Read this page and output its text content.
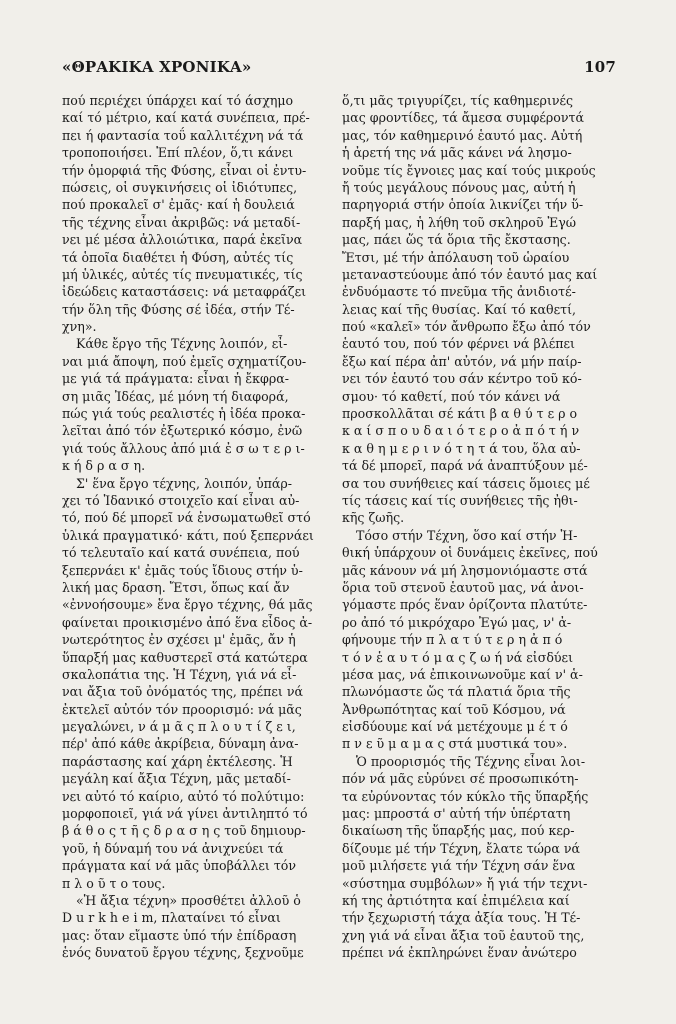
«ΘΡΑΚΙΚΑ ΧΡΟΝΙΚΑ»	107
πού περιέχει ύπάρχει καί τό άσχημο
καί τό μέτριο, καί κατά συνέπεια, πρέ-
πει ή φαντασία τοΰ καλλιτέχνη νά τά
τροποποιήσει. Ἐπί πλέον, ὅ,τι κάνει
τήν ὁμορφιά τῆς Φύσης, εἶναι οἱ ἐντυ-
πώσεις, οἱ συγκινήσεις οἱ ἰδιότυπες,
πού προκαλεῖ σ' ἐμᾶς· καί ἡ δουλειά
τῆς τέχνης εἶναι ἀκριβῶς: νά μεταδί-
νει μέ μέσα ἀλλοιώτικα, παρά ἐκεῖνα
τά ὁποῖα διαθέτει ἡ Φύση, αὐτές τίς
μή ὑλικές, αὐτές τίς πνευματικές, τίς
ἰδεώδεις καταστάσεις: νά μεταφράζει
τήν ὅλη τῆς Φύσης σέ ἰδέα, στήν Τέ-
χνη».
Κάθε ἔργο τῆς Τέχνης λοιπόν, εἶ-
ναι μιά ἄποψη, πού ἐμεῖς σχηματίζου-
με γιά τά πράγματα: εἶναι ἡ ἔκφρα-
ση μιᾶς Ἰδέας, μέ μόνη τή διαφορά,
πώς γιά τούς ρεαλιστές ἡ ἰδέα προκα-
λεῖται ἀπό τόν ἐξωτερικό κόσμο, ἐνῶ
γιά τούς ἄλλους ἀπό μιά ἐ σ ω τ ε ρ ι-
κ ή δ ρ α σ η.
Σ' ἕνα ἔργο τέχνης, λοιπόν, ὑπάρ-
χει τό Ἰδανικό στοιχεῖο καί εἶναι αὐ-
τό, πού δέ μπορεῖ νά ἐνσωματωθεῖ στό
ὑλικά πραγματικό· κάτι, πού ξεπερνάει
τό τελευταῖο καί κατά συνέπεια, πού
ξεπερνάει κ' ἐμᾶς τούς ἴδιους στήν ὑ-
λική μας δραση. Ἔτσι, ὅπως καί ἄν
«ἐννοήσουμε» ἕνα ἔργο τέχνης, θά μᾶς
φαίνεται προικισμένο ἀπό ἕνα εἶδος ἀ-
νωτερότητος ἐν σχέσει μ' ἐμᾶς, ἄν ἡ
ὕπαρξή μας καθυστερεῖ στά κατώτερα
σκαλοπάτια της. Ἡ Τέχνη, γιά νά εἶ-
ναι ἄξια τοῦ ὀνόματός της, πρέπει νά
ἐκτελεῖ αὐτόν τόν προορισμό: νά μᾶς
μεγαλώνει, ν ά μ ᾶ ς π λ ο υ τ ί ζ ε ι,
πέρ' ἀπό κάθε ἀκρίβεια, δύναμη ἀνα-
παράστασης καί χάρη ἐκτέλεσης. Ἡ
μεγάλη καί ἄξια Τέχνη, μᾶς μεταδί-
νει αὐτό τό καίριο, αὐτό τό πολύτιμο:
μορφοποιεῖ, γιά νά γίνει ἀντιληπτό τό
β ά θ ο ς τ ῆ ς δ ρ α σ η ς τοῦ δημιουρ-
γοῦ, ἡ δύναμή του νά ἀνιχνεύει τά
πράγματα καί νά μᾶς ὑποβάλλει τόν
π λ ο ῦ τ ο τους.
«Ἡ ἄξια τέχνη» προσθέτει ἀλλοῦ ὁ
D u r k h e i m, πλαταίνει τό εἶναι
μας: ὅταν εἴμαστε ὑπό τήν ἐπίδραση
ἑνός δυνατοῦ ἔργου τέχνης, ξεχνοῦμε
ὅ,τι μᾶς τριγυρίζει, τίς καθημερινές
μας φροντίδες, τά ἄμεσα συμφέροντά
μας, τόν καθημερινό ἑαυτό μας. Αὐτή
ἡ ἀρετή της νά μᾶς κάνει νά λησμο-
νοῦμε τίς ἔγνοιες μας καί τούς μικρούς
ἤ τούς μεγάλους πόνους μας, αὐτή ἡ
παρηγοριά στήν ὁποία λικνίζει τήν ὕ-
παρξή μας, ἡ λήθη τοῦ σκληροῦ Ἐγώ
μας, πάει ὥς τά ὅρια τῆς ἔκστασης.
Ἔτσι, μέ τήν ἀπόλαυση τοῦ ὡραίου
μεταναστεύουμε ἀπό τόν ἑαυτό μας καί
ἐνδυόμαστε τό πνεῦμα τῆς ἀνιδιοτέ-
λειας καί τῆς θυσίας. Καί τό καθετί,
πού «καλεῖ» τόν ἄνθρωπο ἔξω ἀπό τόν
ἑαυτό του, πού τόν φέρνει νά βλέπει
ἔξω καί πέρα ἀπ' αὐτόν, νά μήν παίρ-
νει τόν ἑαυτό του σάν κέντρο τοῦ κό-
σμου· τό καθετί, πού τόν κάνει νά
προσκολλᾶται σέ κάτι β α θ ύ τ ε ρ ο
κ α ί σ π ο υ δ α ι ό τ ε ρ ο ἀ π ό τ ή ν
κ α θ η μ ε ρ ι ν ό τ η τ ά του, ὅλα αὐ-
τά δέ μπορεῖ, παρά νά ἀναπτύξουν μέ-
σα του συνήθειες καί τάσεις ὅμοιες μέ
τίς τάσεις καί τίς συνήθειες τῆς ἠθι-
κῆς ζωῆς.
Τόσο στήν Τέχνη, ὅσο καί στήν Ἠ-
θική ὑπάρχουν οἱ δυνάμεις ἐκεῖνες, πού
μᾶς κάνουν νά μή λησμονιόμαστε στά
ὅρια τοῦ στενοῦ ἑαυτοῦ μας, νά ἀνοι-
γόμαστε πρός ἕναν ὁρίζοντα πλατύτε-
ρο ἀπό τό μικρόχαρο Ἐγώ μας, ν' ἀ-
φήνουμε τήν π λ α τ ύ τ ε ρ η ἀ π ό
τ ό ν ἑ α υ τ ό μ α ς ζ ω ή νά εἰσδύει
μέσα μας, νά ἐπικοινωνοῦμε καί ν' ἁ-
πλωνόμαστε ὥς τά πλατιά ὅρια τῆς
Ἀνθρωπότητας καί τοῦ Κόσμου, νά
εἰσδύουμε καί νά μετέχουμε μ έ τ ό
π ν ε ῦ μ α μ α ς στά μυστικά του».
Ὁ προορισμός τῆς Τέχνης εἶναι λοι-
πόν νά μᾶς εὐρύνει σέ προσωπικότη-
τα εὐρύνοντας τόν κύκλο τῆς ὕπαρξής
μας: μπροστά σ' αὐτή τήν ὑπέρτατη
δικαίωση τῆς ὕπαρξής μας, πού κερ-
δίζουμε μέ τήν Τέχνη, ἔλατε τώρα νά
μοῦ μιλήσετε γιά τήν Τέχνη σάν ἕνα
«σύστημα συμβόλων» ἤ γιά τήν τεχνι-
κή της ἀρτιότητα καί ἐπιμέλεια καί
τήν ξεχωριστή τάχα ἀξία τους. Ἡ Τέ-
χνη γιά νά εἶναι ἄξια τοῦ ἑαυτοῦ της,
πρέπει νά ἐκπληρώνει ἕναν ἀνώτερο
